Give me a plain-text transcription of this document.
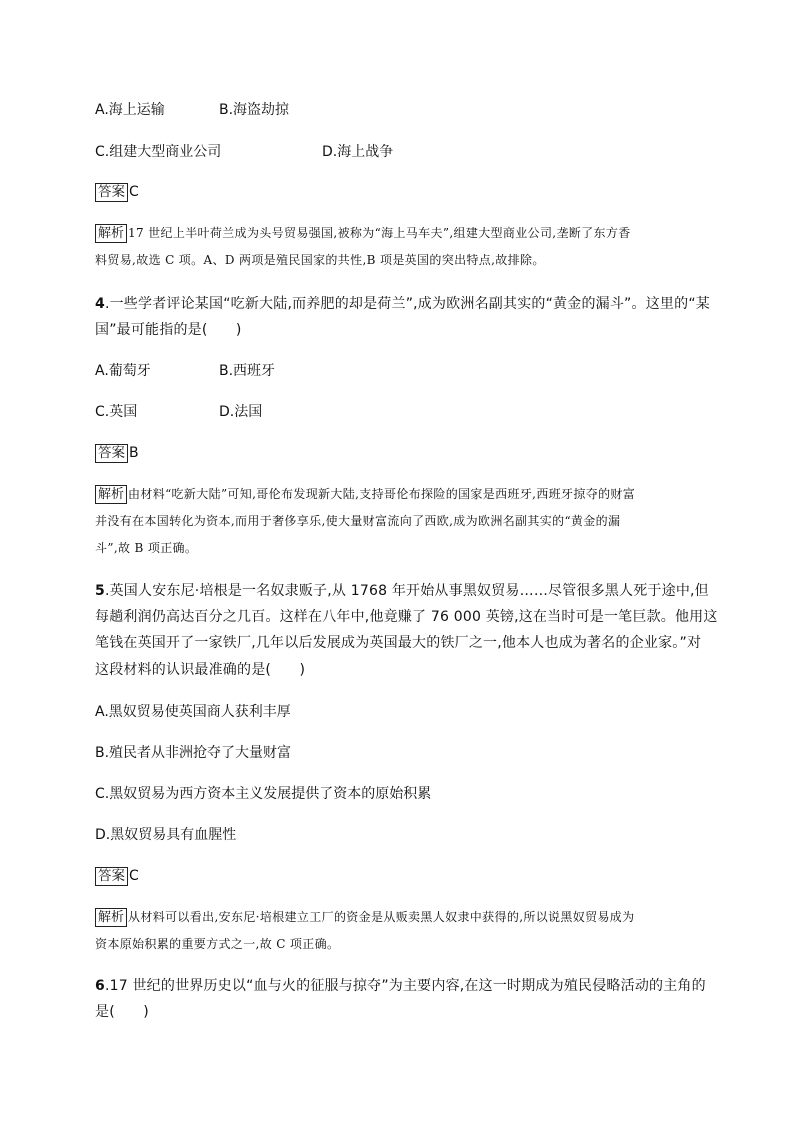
A.海上运输	B.海盗劫掠
C.组建大型商业公司	D.海上战争
答案 C
解析 17 世纪上半叶荷兰成为头号贸易强国,被称为“海上马车夫”,组建大型商业公司,垄断了东方香
料贸易,故选 C 项。A、D 两项是殖民国家的共性,B 项是英国的突出特点,故排除。
4.一些学者评论某国“吃新大陆,而养肥的却是荷兰”,成为欧洲名副其实的“黄金的漏斗”。这里的“某
国”最可能指的是(　　)
A.葡萄牙	B.西班牙
C.英国	D.法国
答案 B
解析 由材料“吃新大陆”可知,哥伦布发现新大陆,支持哥伦布探险的国家是西班牙,西班牙掠夺的财富
并没有在本国转化为资本,而用于奢侈享乐,使大量财富流向了西欧,成为欧洲名副其实的“黄金的漏
斗”,故 B 项正确。
5.英国人安东尼·培根是一名奴隶贩子,从 1768 年开始从事黑奴贸易……尽管很多黑人死于途中,但
每趟利润仍高达百分之几百。这样在八年中,他竟赚了 76 000 英镑,这在当时可是一笔巨款。他用这
笔钱在英国开了一家铁厂,几年以后发展成为英国最大的铁厂之一,他本人也成为著名的企业家。”对
这段材料的认识最准确的是(　　)
A.黑奴贸易使英国商人获利丰厚
B.殖民者从非洲抢夺了大量财富
C.黑奴贸易为西方资本主义发展提供了资本的原始积累
D.黑奴贸易具有血腥性
答案 C
解析 从材料可以看出,安东尼·培根建立工厂的资金是从贩卖黑人奴隶中获得的,所以说黑奴贸易成为
资本原始积累的重要方式之一,故 C 项正确。
6.17 世纪的世界历史以“血与火的征服与掠夺”为主要内容,在这一时期成为殖民侵略活动的主角的
是(　　)
